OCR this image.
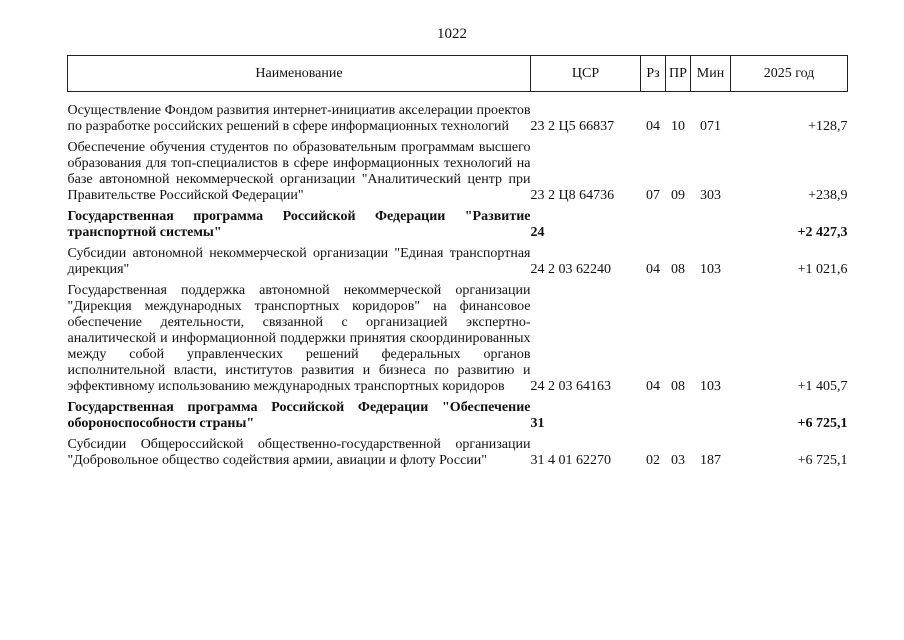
1022
Наименование	ЦСР	Рз	ПР	Мин	2025 год

Осуществление Фондом развития интернет-инициатив акселерации проектов по разработке российских решений в сфере информационных технологий	23 2 Ц5 66837	04	10	071	+128,7

Обеспечение обучения студентов по образовательным программам высшего образования для топ-специалистов в сфере информационных технологий на базе автономной некоммерческой организации "Аналитический центр при Правительстве Российской Федерации"	23 2 Ц8 64736	07	09	303	+238,9

Государственная программа Российской Федерации "Развитие транспортной системы"	24				+2 427,3

Субсидии автономной некоммерческой организации "Единая транспортная дирекция"	24 2 03 62240	04	08	103	+1 021,6

Государственная поддержка автономной некоммерческой организации "Дирекция международных транспортных коридоров" на финансовое обеспечение деятельности, связанной с организацией экспертно-аналитической и информационной поддержки принятия скоординированных между собой управленческих решений федеральных органов исполнительной власти, институтов развития и бизнеса по развитию и эффективному использованию международных транспортных коридоров	24 2 03 64163	04	08	103	+1 405,7

Государственная программа Российской Федерации "Обеспечение обороноспособности страны"	31				+6 725,1

Субсидии Общероссийской общественно-государственной организации "Добровольное общество содействия армии, авиации и флоту России"	31 4 01 62270	02	03	187	+6 725,1
